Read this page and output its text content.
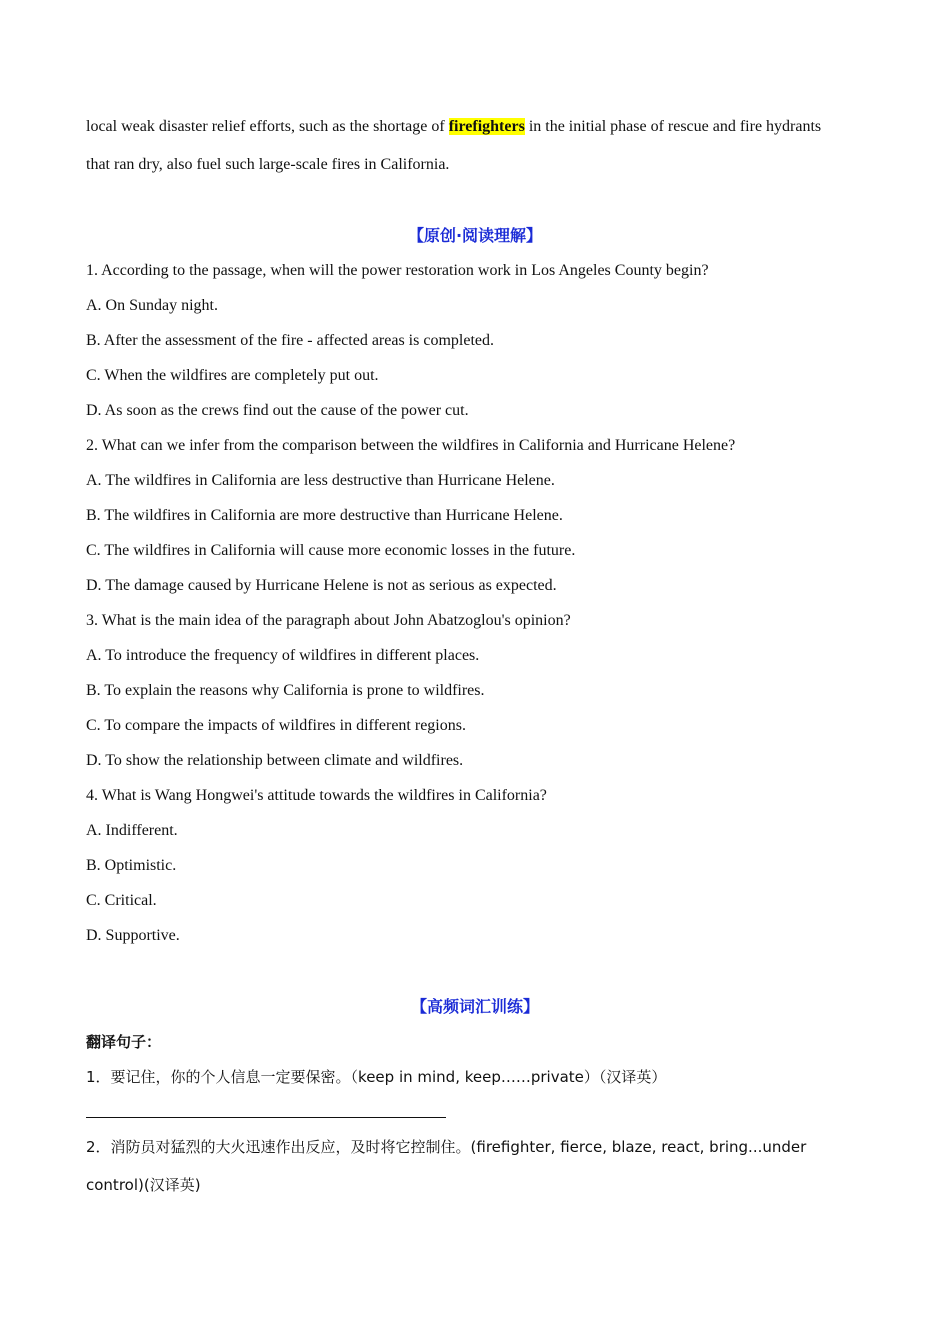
local weak disaster relief efforts, such as the shortage of firefighters in the initial phase of rescue and fire hydrants
that ran dry, also fuel such large-scale fires in California.
【原创·阅读理解】
1. According to the passage, when will the power restoration work in Los Angeles County begin?
A. On Sunday night.
B. After the assessment of the fire - affected areas is completed.
C. When the wildfires are completely put out.
D. As soon as the crews find out the cause of the power cut.
2. What can we infer from the comparison between the wildfires in California and Hurricane Helene?
A. The wildfires in California are less destructive than Hurricane Helene.
B. The wildfires in California are more destructive than Hurricane Helene.
C. The wildfires in California will cause more economic losses in the future.
D. The damage caused by Hurricane Helene is not as serious as expected.
3. What is the main idea of the paragraph about John Abatzoglou's opinion?
A. To introduce the frequency of wildfires in different places.
B. To explain the reasons why California is prone to wildfires.
C. To compare the impacts of wildfires in different regions.
D. To show the relationship between climate and wildfires.
4. What is Wang Hongwei's attitude towards the wildfires in California?
A. Indifferent.
B. Optimistic.
C. Critical.
D. Supportive.
【高频词汇训练】
翻译句子：
1．要记住，你的个人信息一定要保密。（keep in mind, keep……private）（汉译英）
2．消防员对猛烈的大火迅速作出反应，及时将它控制住。(firefighter, fierce, blaze, react, bring...under
control)(汉译英)
